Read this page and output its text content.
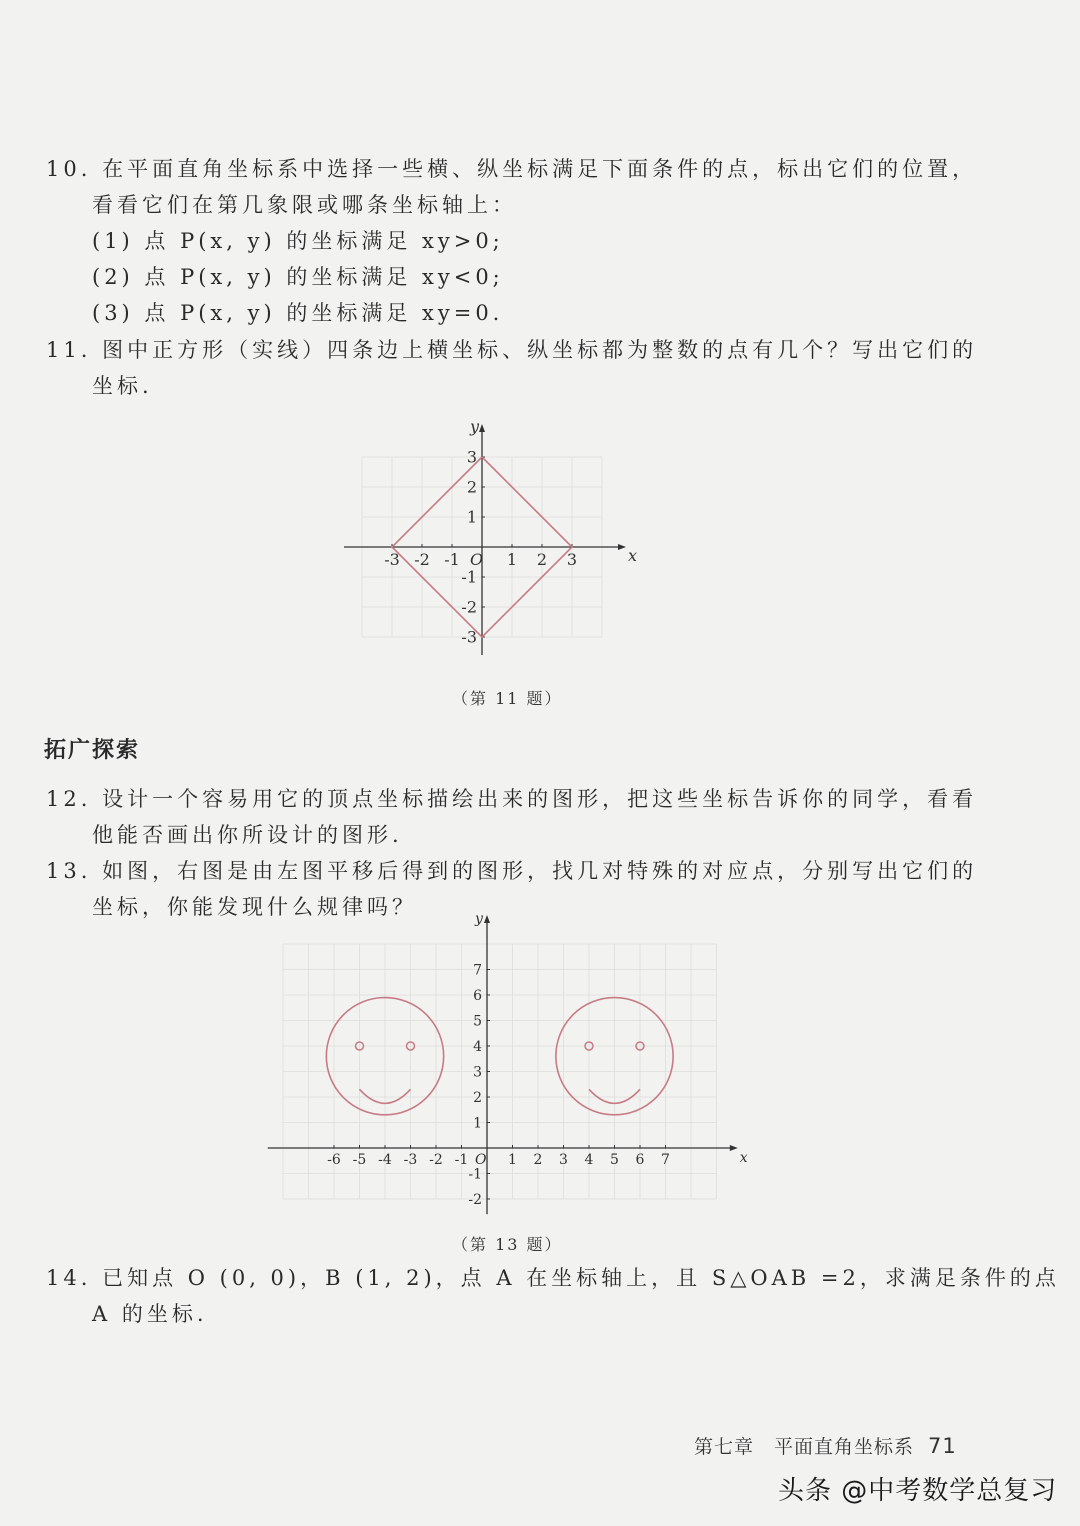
10. 在平面直角坐标系中选择一些横、纵坐标满足下面条件的点，标出它们的位置，
看看它们在第几象限或哪条坐标轴上：
(1) 点 P(x, y) 的坐标满足 xy>0;
(2) 点 P(x, y) 的坐标满足 xy<0;
(3) 点 P(x, y) 的坐标满足 xy=0.
11. 图中正方形（实线）四条边上横坐标、纵坐标都为整数的点有几个？写出它们的
坐标.
x
y
O
-3 -2 -1	1 2 3
3
2
1
-1
-2
-3
（第 11 题）
拓广探索
12. 设计一个容易用它的顶点坐标描绘出来的图形，把这些坐标告诉你的同学，看看
他能否画出你所设计的图形.
13. 如图，右图是由左图平移后得到的图形，找几对特殊的对应点，分别写出它们的
坐标，你能发现什么规律吗？
x
y
O
-6 -5 -4 -3 -2 -1	1 2 3 4 5 6 7
7
6
5
4
3
2
1
-1
-2
（第 13 题）
14. 已知点 O (0, 0)，B (1, 2)，点 A 在坐标轴上，且 S△OAB =2，求满足条件的点
A 的坐标.
第七章　平面直角坐标系 71
头条 @中考数学总复习
